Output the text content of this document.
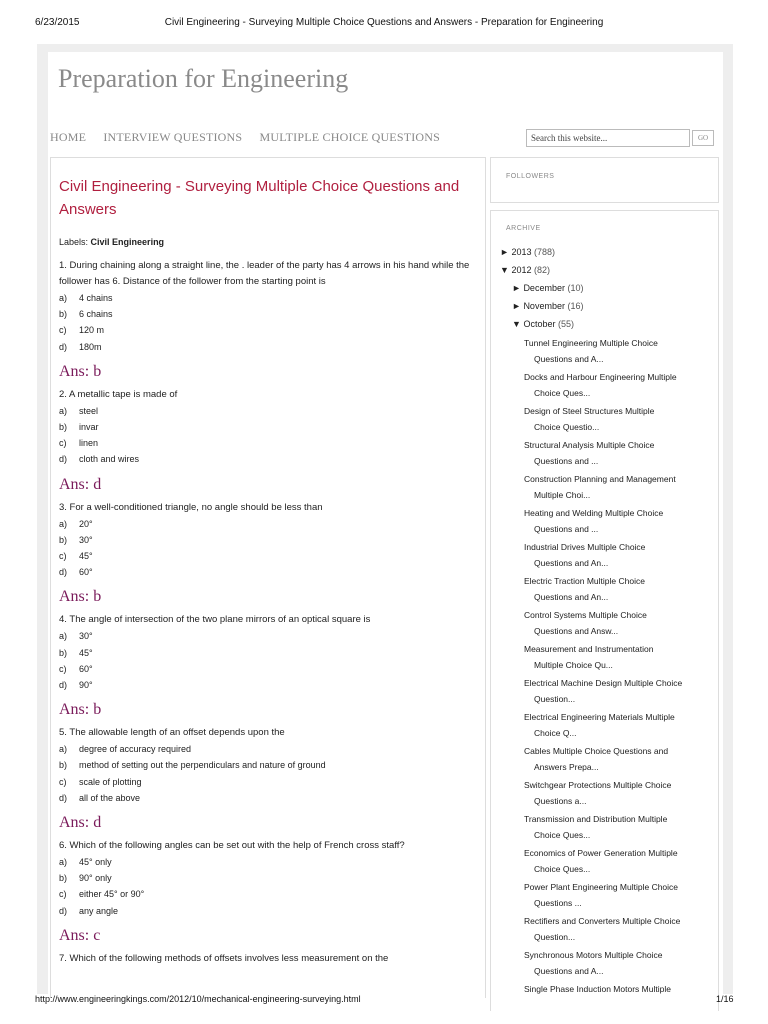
6/23/2015	Civil Engineering - Surveying Multiple Choice Questions and Answers - Preparation for Engineering
Preparation for Engineering
HOME INTERVIEW QUESTIONS MULTIPLE CHOICE QUESTIONS	Search this website...	GO
Civil Engineering - Surveying Multiple Choice Questions and Answers
Labels: Civil Engineering

1. During chaining along a straight line, the . leader of the party has 4 arrows in his hand while the follower has 6. Distance of the follower from the starting point is

a) 4 chains
b) 6 chains
c) 120 m
d) 180m
Ans: b

2. A metallic tape is made of

a) steel
b) invar
c) linen
d) cloth and wires
Ans: d

3. For a well-conditioned triangle, no angle should be less than

a) 20°
b) 30°
c) 45°
d) 60°
Ans: b

4. The angle of intersection of the two plane mirrors of an optical square is

a) 30°
b) 45°
c) 60°
d) 90°
Ans: b

5. The allowable length of an offset depends upon the

a) degree of accuracy required
b) method of setting out the perpendiculars and nature of ground
c) scale of plotting
d) all of the above
Ans: d

6. Which of the following angles can be set out with the help of French cross staff?

a) 45° only
b) 90° only
c) either 45° or 90°
d) any angle
Ans: c

7. Which of the following methods of offsets involves less measurement on the

FOLLOWERS
ARCHIVE
► 2013 (788)
▼ 2012 (82)
► December (10)
► November (16)
▼ October (55)
Tunnel Engineering Multiple Choice
Questions and A...
Docks and Harbour Engineering Multiple
Choice Ques...
Design of Steel Structures Multiple
Choice Questio...
Structural Analysis Multiple Choice
Questions and ...
Construction Planning and Management
Multiple Choi...
Heating and Welding Multiple Choice
Questions and ...
Industrial Drives Multiple Choice
Questions and An...
Electric Traction Multiple Choice
Questions and An...
Control Systems Multiple Choice
Questions and Answ...
Measurement and Instrumentation
Multiple Choice Qu...
Electrical Machine Design Multiple Choice
Question...
Electrical Engineering Materials Multiple
Choice Q...
Cables Multiple Choice Questions and
Answers Prepa...
Switchgear Protections Multiple Choice
Questions a...
Transmission and Distribution Multiple
Choice Ques...
Economics of Power Generation Multiple
Choice Ques...
Power Plant Engineering Multiple Choice
Questions ...
Rectifiers and Converters Multiple Choice
Question...
Synchronous Motors Multiple Choice
Questions and A...
Single Phase Induction Motors Multiple
http://www.engineeringkings.com/2012/10/mechanical-engineering-surveying.html	1/16
